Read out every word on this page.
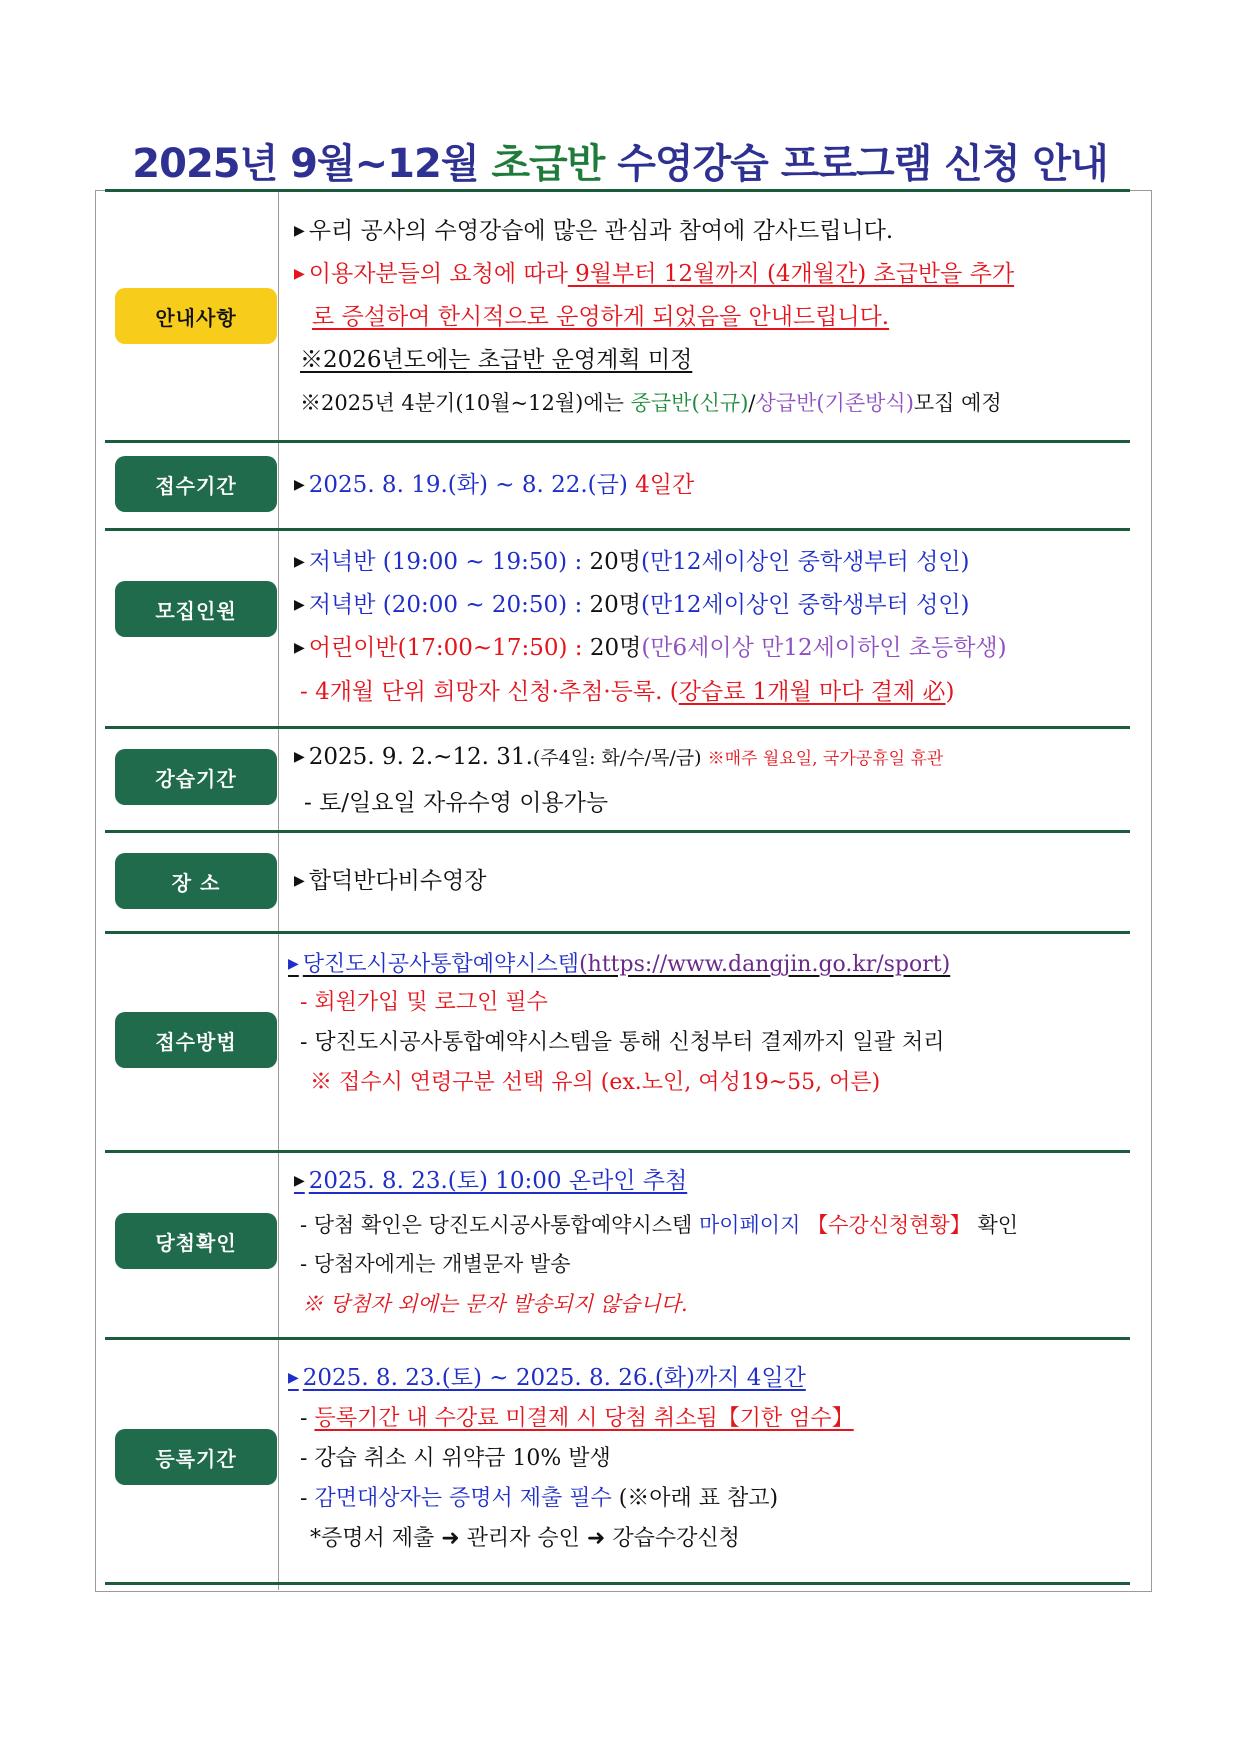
2025년 9월~12월 초급반 수영강습 프로그램 신청 안내
안내사항
▶ 우리 공사의 수영강습에 많은 관심과 참여에 감사드립니다.
▶ 이용자분들의 요청에 따라 9월부터 12월까지 (4개월간) 초급반을 추가
로 증설하여 한시적으로 운영하게 되었음을 안내드립니다.
※2026년도에는 초급반 운영계획 미정
※2025년 4분기(10월~12월)에는 중급반(신규)/상급반(기존방식)모집 예정
접수기간	▶ 2025. 8. 19.(화) ~ 8. 22.(금) 4일간
모집인원
▶ 저녁반 (19:00 ~ 19:50) : 20명(만12세이상인 중학생부터 성인)
▶ 저녁반 (20:00 ~ 20:50) : 20명(만12세이상인 중학생부터 성인)
▶ 어린이반(17:00~17:50) : 20명(만6세이상 만12세이하인 초등학생)
- 4개월 단위 희망자 신청·추첨·등록. (강습료 1개월 마다 결제 必)
강습기간
▶ 2025. 9. 2.~12. 31.(주4일: 화/수/목/금) ※매주 월요일, 국가공휴일 휴관
- 토/일요일 자유수영 이용가능
장 소	▶ 합덕반다비수영장
접수방법
▶ 당진도시공사통합예약시스템(https://www.dangjin.go.kr/sport)
- 회원가입 및 로그인 필수
- 당진도시공사통합예약시스템을 통해 신청부터 결제까지 일괄 처리
※ 접수시 연령구분 선택 유의 (ex.노인, 여성19~55, 어른)
당첨확인
▶ 2025. 8. 23.(토) 10:00 온라인 추첨
- 당첨 확인은 당진도시공사통합예약시스템 마이페이지 【수강신청현황】 확인
- 당첨자에게는 개별문자 발송
※ 당첨자 외에는 문자 발송되지 않습니다.
등록기간
▶ 2025. 8. 23.(토) ~ 2025. 8. 26.(화)까지 4일간
- 등록기간 내 수강료 미결제 시 당첨 취소됨【기한 엄수】
- 강습 취소 시 위약금 10% 발생
- 감면대상자는 증명서 제출 필수 (※아래 표 참고)
*증명서 제출 ➜ 관리자 승인 ➜ 강습수강신청
